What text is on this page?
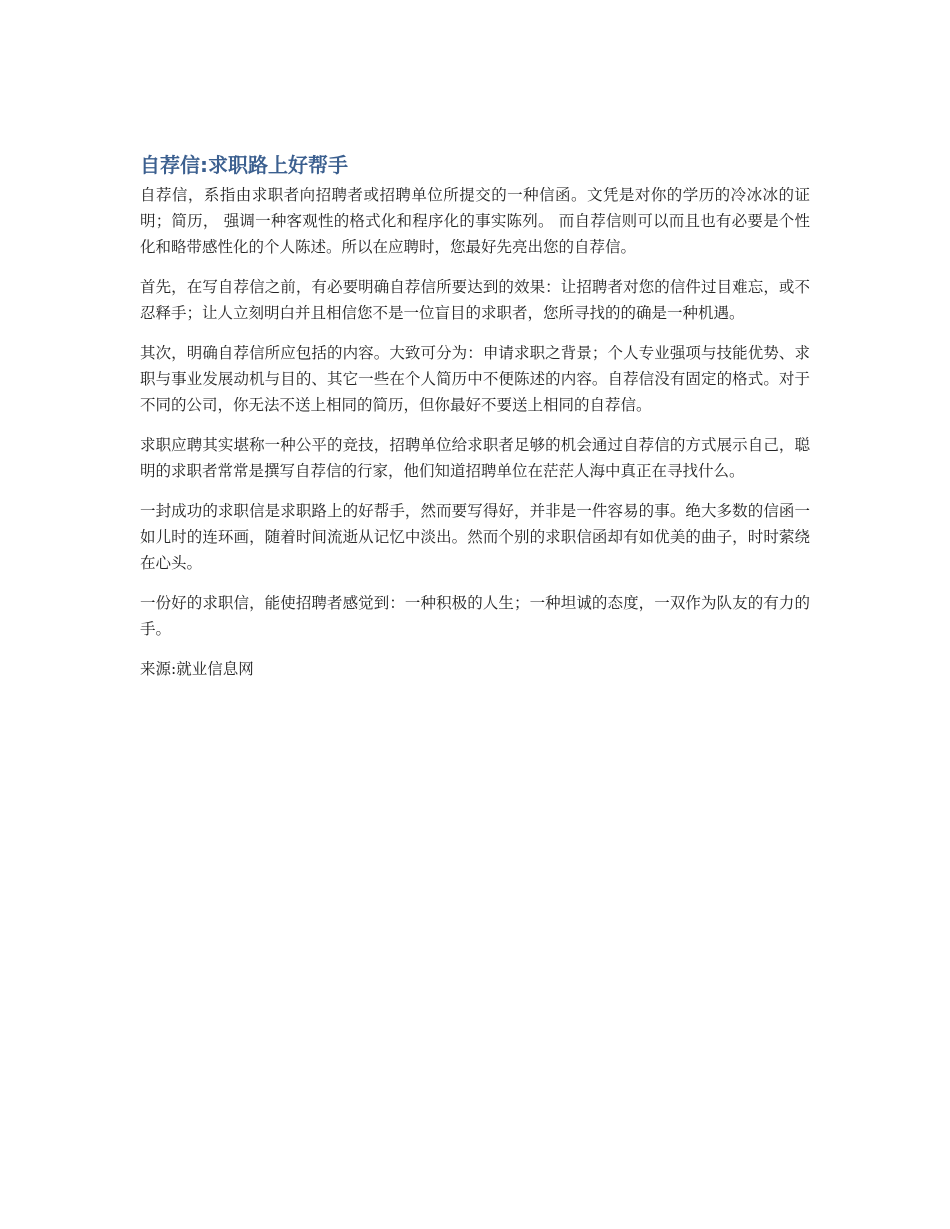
自荐信:求职路上好帮手

自荐信，系指由求职者向招聘者或招聘单位所提交的一种信函。文凭是对你的学历的冷冰冰的证明；简历， 强调一种客观性的格式化和程序化的事实陈列。 而自荐信则可以而且也有必要是个性化和略带感性化的个人陈述。所以在应聘时，您最好先亮出您的自荐信。

首先，在写自荐信之前，有必要明确自荐信所要达到的效果：让招聘者对您的信件过目难忘，或不忍释手；让人立刻明白并且相信您不是一位盲目的求职者，您所寻找的的确是一种机遇。

其次，明确自荐信所应包括的内容。大致可分为：申请求职之背景；个人专业强项与技能优势、求职与事业发展动机与目的、其它一些在个人简历中不便陈述的内容。自荐信没有固定的格式。对于不同的公司，你无法不送上相同的简历，但你最好不要送上相同的自荐信。

求职应聘其实堪称一种公平的竞技，招聘单位给求职者足够的机会通过自荐信的方式展示自己，聪明的求职者常常是撰写自荐信的行家，他们知道招聘单位在茫茫人海中真正在寻找什么。

一封成功的求职信是求职路上的好帮手，然而要写得好，并非是一件容易的事。绝大多数的信函一如儿时的连环画，随着时间流逝从记忆中淡出。然而个别的求职信函却有如优美的曲子，时时萦绕在心头。

一份好的求职信，能使招聘者感觉到：一种积极的人生；一种坦诚的态度，一双作为队友的有力的手。

来源:就业信息网
